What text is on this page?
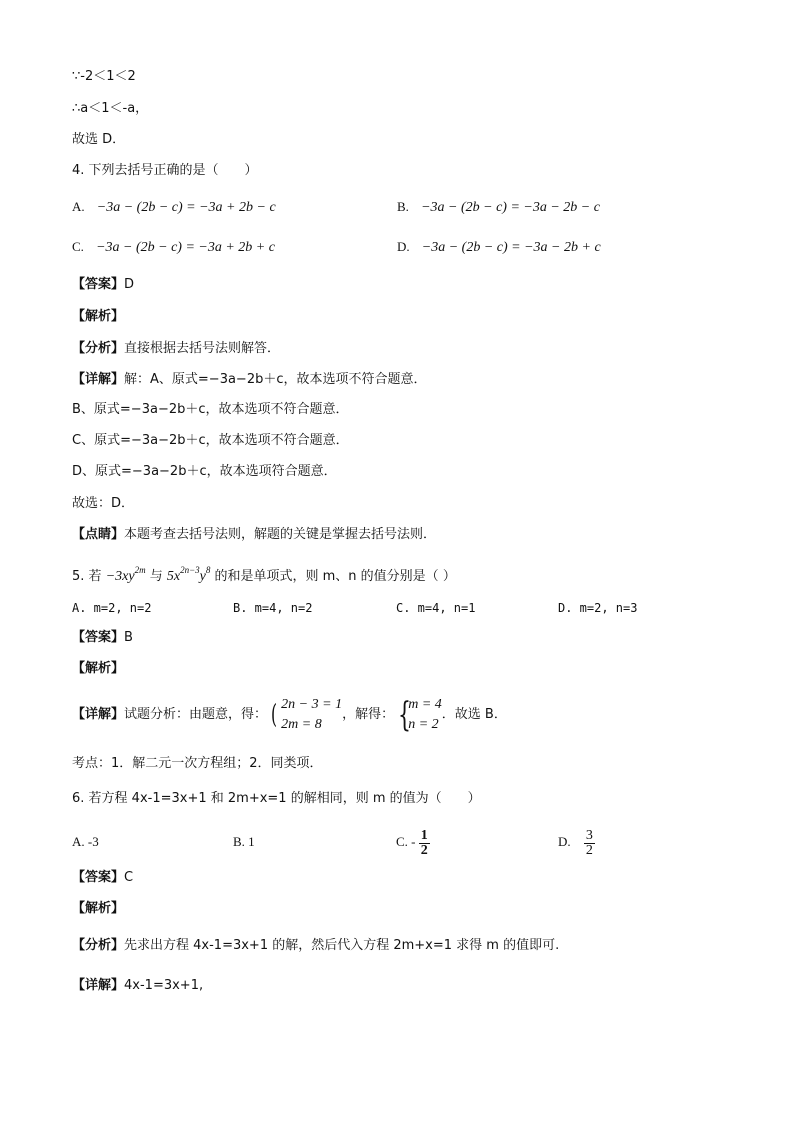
∵-2＜1＜2
∴a＜1＜-a，
故选 D．
4. 下列去括号正确的是（　　）
A. −3a − (2b − c) = −3a + 2b − c	B. −3a − (2b − c) = −3a − 2b − c
C. −3a − (2b − c) = −3a + 2b + c	D. −3a − (2b − c) = −3a − 2b + c
【答案】D
【解析】
【分析】直接根据去括号法则解答．
【详解】解：A、原式=−3a−2b＋c，故本选项不符合题意．
B、原式=−3a−2b＋c，故本选项不符合题意．
C、原式=−3a−2b＋c，故本选项不符合题意．
D、原式=−3a−2b＋c，故本选项符合题意．
故选：D．
【点睛】本题考查去括号法则，解题的关键是掌握去括号法则．
5. 若 $-3xy^{2m}$ 与 $5x^{2n-3}y^8$ 的和是单项式，则 m、n 的值分别是（ ）
A. m=2, n=2	B. m=4, n=2	C. m=4, n=1	D. m=2, n=3
【答案】B
【解析】
【详解】试题分析：由题意，得： ( 2n − 3 = 1
2m = 8
，解得： {
m = 4
n = 2
．故选 B．
考点：1．解二元一次方程组；2．同类项．
6. 若方程 4x-1=3x+1 和 2m+x=1 的解相同，则 m 的值为（　　）
A. -3	B. 1	C. - $\frac{1}{2}$	D. $\frac{3}{2}$
【答案】C
【解析】
【分析】先求出方程 4x-1=3x+1 的解，然后代入方程 2m+x=1 求得 m 的值即可.
【详解】4x-1=3x+1,
